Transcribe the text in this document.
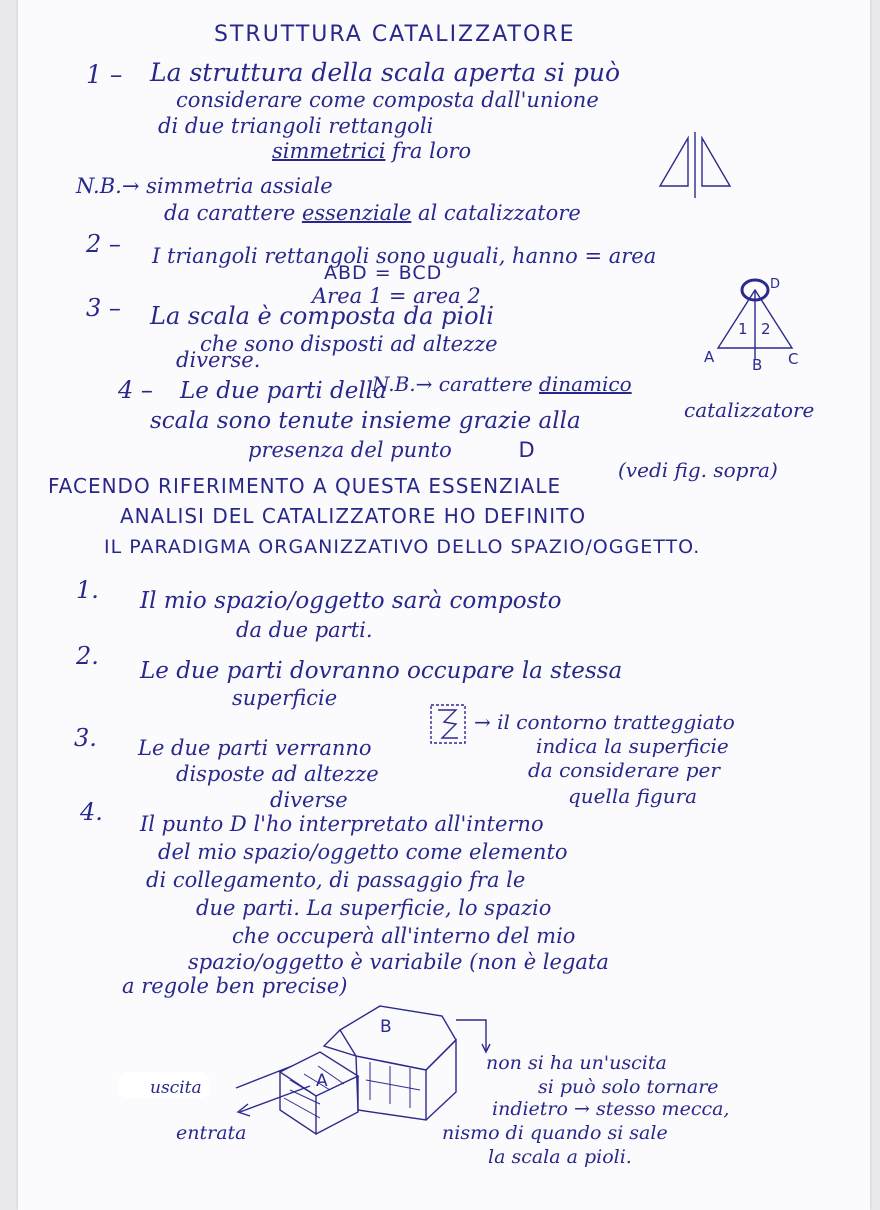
STRUTTURA CATALIZZATORE
1 – La struttura della scala aperta si può
considerare come composta dall'unione
di due triangoli rettangoli
simmetrici fra loro
N.B.→ simmetria assiale
da carattere essenziale al catalizzatore
2 – I triangoli rettangoli sono uguali, hanno = area
ABD = BCD
Area 1 = area 2	D
1 2
A	B C
3 – La scala è composta da pioli
che sono disposti ad altezze
diverse.
N.B.→ carattere dinamico
catalizzatore
4 – Le due parti della
scala sono tenute insieme grazie alla
presenza del punto	D
(vedi fig. sopra)
FACENDO RIFERIMENTO A QUESTA ESSENZIALE
ANALISI DEL CATALIZZATORE HO DEFINITO
IL PARADIGMA ORGANIZZATIVO DELLO SPAZIO/OGGETTO.
1. Il mio spazio/oggetto sarà composto
da due parti.
2.
Le due parti dovranno occupare la stessa
superficie
→ il contorno tratteggiato
indica la superficie
da considerare per
quella figura
3. Le due parti verranno
disposte ad altezze
diverse
4. Il punto D l'ho interpretato all'interno
del mio spazio/oggetto come elemento
di collegamento, di passaggio fra le
due parti. La superficie, lo spazio
che occuperà all'interno del mio
spazio/oggetto è variabile (non è legata
a regole ben precise)
A
B
uscita
entrata
non si ha un'uscita
si può solo tornare
indietro → stesso mecca,
nismo di quando si sale
la scala a pioli.
